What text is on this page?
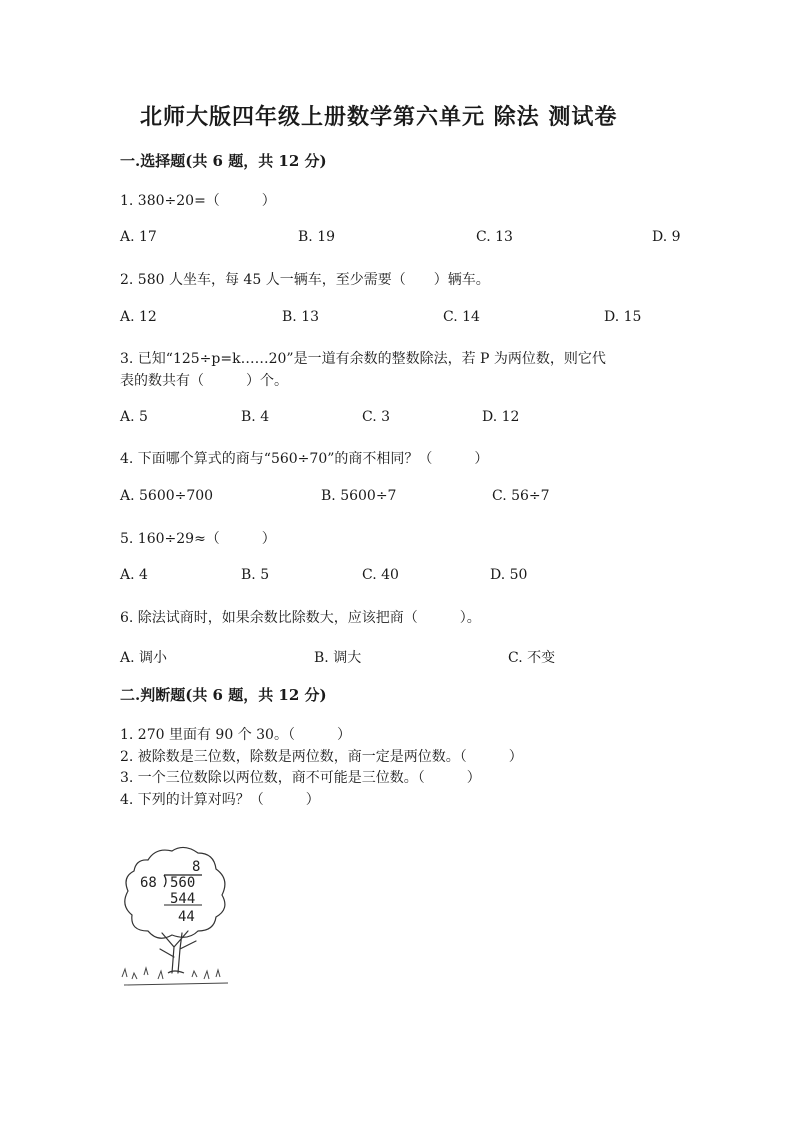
北师大版四年级上册数学第六单元 除法 测试卷
一.选择题(共 6 题，共 12 分)
1. 380÷20=（　　　）
A. 17	B. 19	C. 13	D. 9
2. 580 人坐车，每 45 人一辆车，至少需要（　　）辆车。
A. 12	B. 13	C. 14	D. 15
3. 已知“125÷p=k……20”是一道有余数的整数除法，若 P 为两位数，则它代
表的数共有（　　　）个。
A. 5	B. 4	C. 3	D. 12
4. 下面哪个算式的商与“560÷70”的商不相同？（　　　）
A. 5600÷700	B. 5600÷7	C. 56÷7
5. 160÷29≈（　　　）
A. 4	B. 5	C. 40	D. 50
6. 除法试商时，如果余数比除数大，应该把商（　　　）。
A. 调小	B. 调大	C. 不变
二.判断题(共 6 题，共 12 分)
1. 270 里面有 90 个 30。（　　　）
2. 被除数是三位数，除数是两位数，商一定是两位数。（　　　）
3. 一个三位数除以两位数，商不可能是三位数。（　　　）
4. 下列的计算对吗？（　　　）
8
68 560
544
44
